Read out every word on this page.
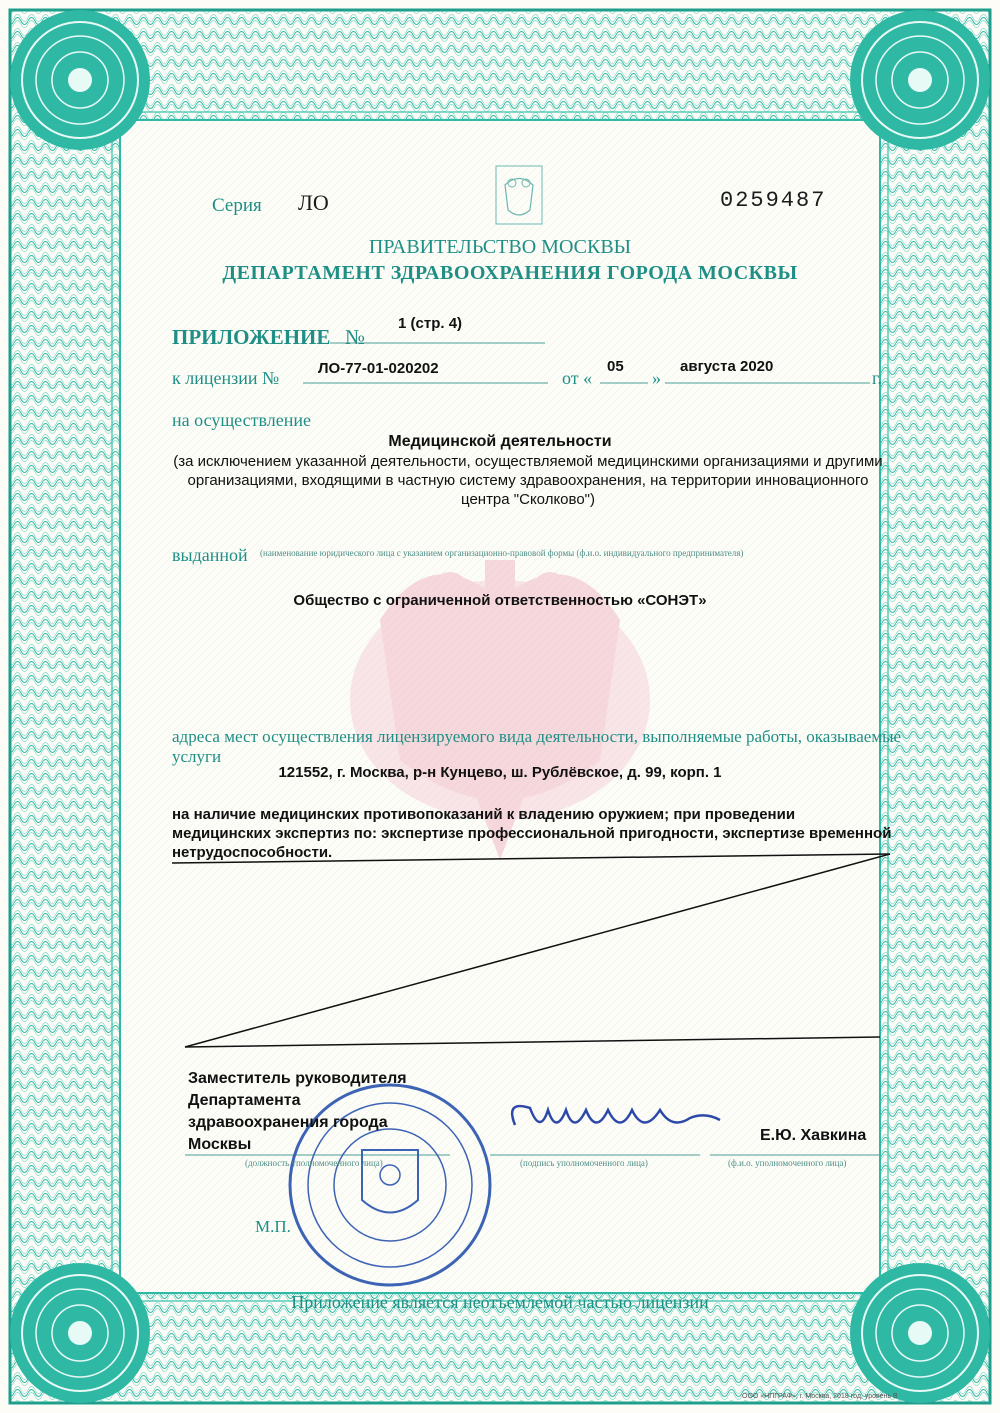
Серия ЛО	0259487
ПРАВИТЕЛЬСТВО МОСКВЫ
ДЕПАРТАМЕНТ ЗДРАВООХРАНЕНИЯ ГОРОДА МОСКВЫ
ПРИЛОЖЕНИЕ №
1 (стр. 4)
к лицензии №	ЛО-77-01-020202	от «
05
»
августа 2020
г.
на осуществление
Медицинской деятельности
(за исключением указанной деятельности, осуществляемой медицинскими организациями и другими организациями, входящими в частную систему здравоохранения, на территории инновационного центра "Сколково")
выданной (наименование юридического лица с указанием организационно-правовой формы (ф.и.о. индивидуального предпринимателя)
Общество с ограниченной ответственностью «СОНЭТ»
адреса мест осуществления лицензируемого вида деятельности, выполняемые работы, оказываемые услуги
121552, г. Москва, р-н Кунцево, ш. Рублёвское, д. 99, корп. 1
на наличие медицинских противопоказаний к владению оружием; при проведении медицинских экспертиз по: экспертизе профессиональной пригодности, экспертизе временной нетрудоспособности.
Заместитель руководителя
Департамента
здравоохранения города
Москвы
(должность уполномоченного лица)	(подпись уполномоченного лица)
Е.Ю. Хавкина
(ф.и.о. уполномоченного лица)
М.П.
Приложение является неотъемлемой частью лицензии
ООО «НПГРАФ», г. Москва, 2018 год, уровень В
